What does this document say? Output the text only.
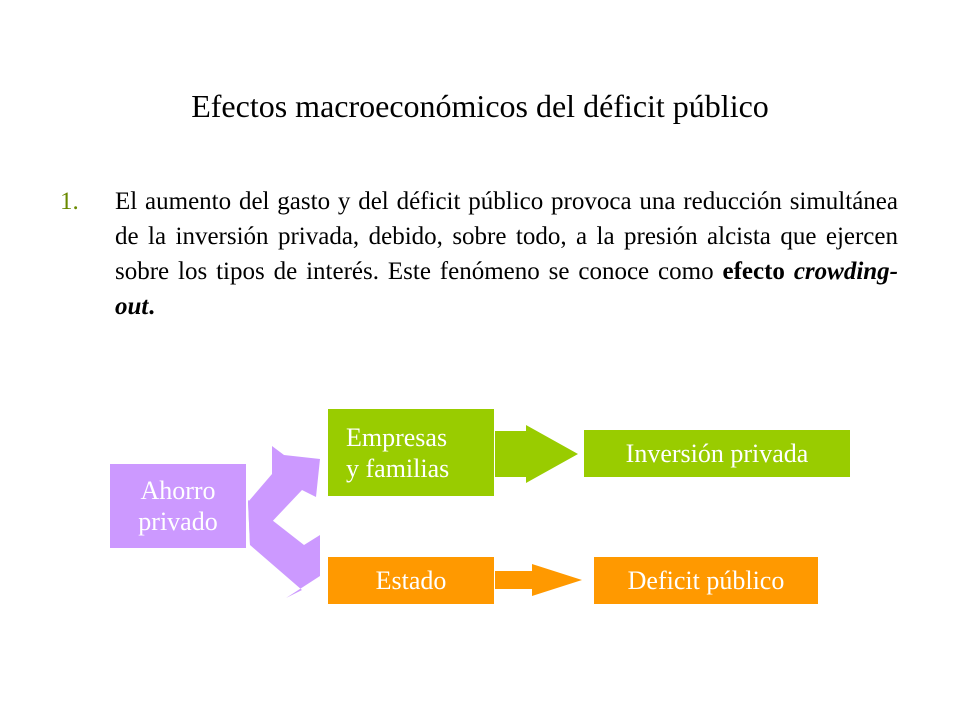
Efectos macroeconómicos del déficit público
1. El aumento del gasto y del déficit público provoca una reducción simultánea de la inversión privada, debido, sobre todo, a la presión alcista que ejercen sobre los tipos de interés. Este fenómeno se conoce como efecto crowding-out.
Ahorro
privado
Empresas
y familias	Inversión privada
Estado	Deficit público
